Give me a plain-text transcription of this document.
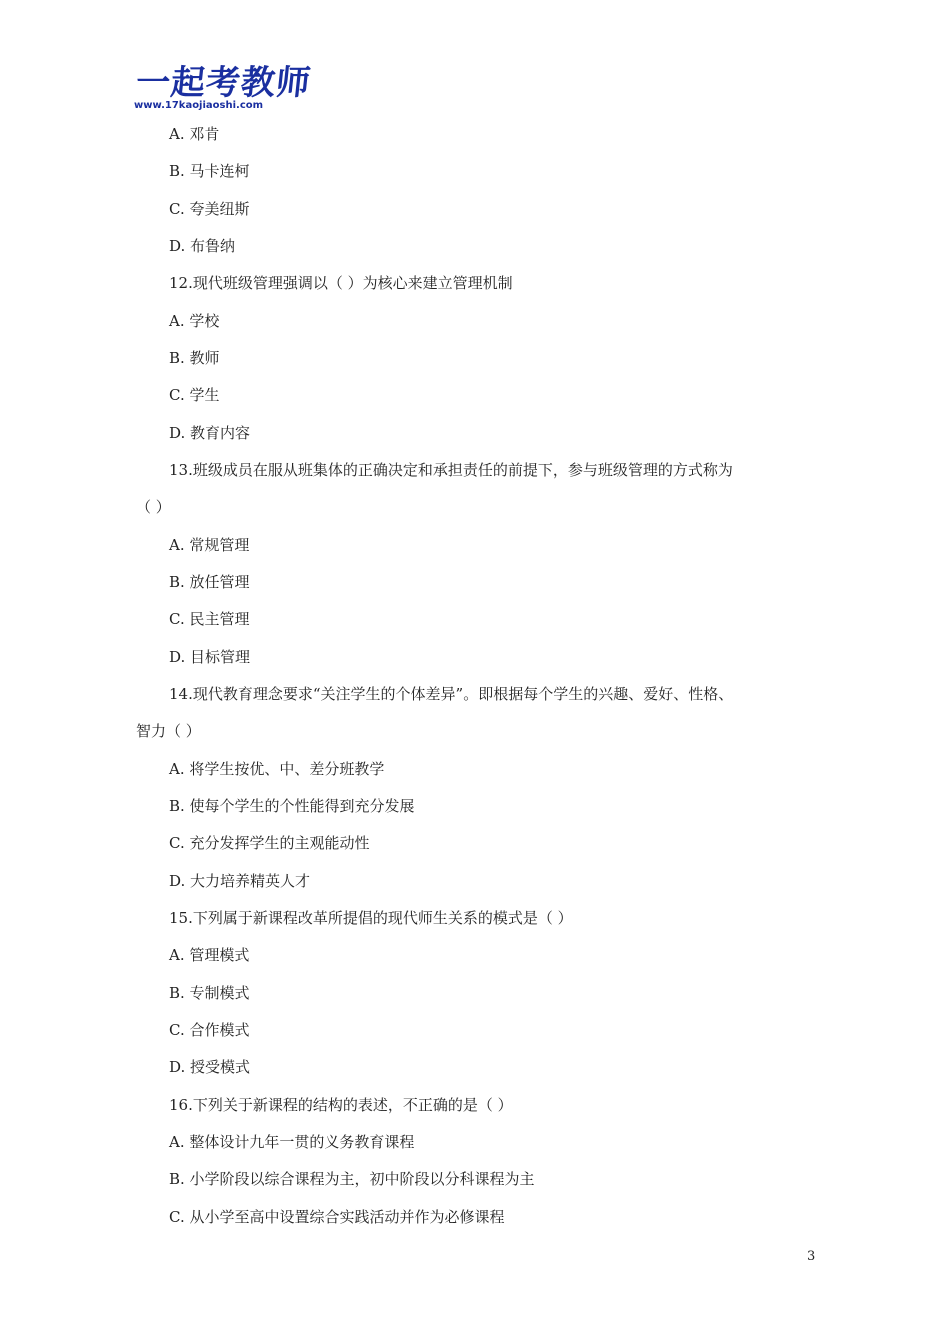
一起考教师
www.17kaojiaoshi.com
A. 邓肯
B. 马卡连柯
C. 夸美纽斯
D. 布鲁纳
12.现代班级管理强调以（ ）为核心来建立管理机制
A. 学校
B. 教师
C. 学生
D. 教育内容
13.班级成员在服从班集体的正确决定和承担责任的前提下，参与班级管理的方式称为
（ ）
A. 常规管理
B. 放任管理
C. 民主管理
D. 目标管理
14.现代教育理念要求“关注学生的个体差异”。即根据每个学生的兴趣、爱好、性格、
智力（ ）
A. 将学生按优、中、差分班教学
B. 使每个学生的个性能得到充分发展
C. 充分发挥学生的主观能动性
D. 大力培养精英人才
15.下列属于新课程改革所提倡的现代师生关系的模式是（ ）
A. 管理模式
B. 专制模式
C. 合作模式
D. 授受模式
16.下列关于新课程的结构的表述，不正确的是（ ）
A. 整体设计九年一贯的义务教育课程
B. 小学阶段以综合课程为主，初中阶段以分科课程为主
C. 从小学至高中设置综合实践活动并作为必修课程
3
